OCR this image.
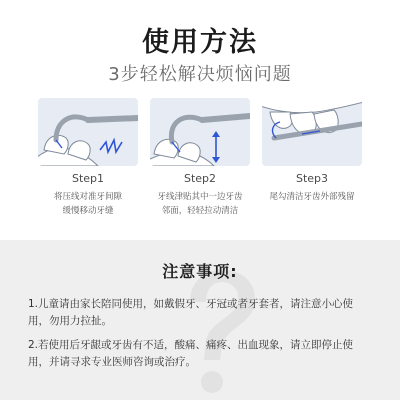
使用方法
3步轻松解决烦恼问题
Step1
将压线对准牙间隙
缓慢移动牙缝
Step2
牙线津贴其中一边牙齿
邻面，轻轻拉动清洁
Step3
尾勾清洁牙齿外部残留
注意事项:
1.儿童请由家长陪同使用，如戴假牙、牙冠或者牙套者，请注意小心使用，勿用力拉扯。
2.若使用后牙龈或牙齿有不适，酸痛、痛疼、出血现象，请立即停止使用，并请寻求专业医师咨询或治疗。
